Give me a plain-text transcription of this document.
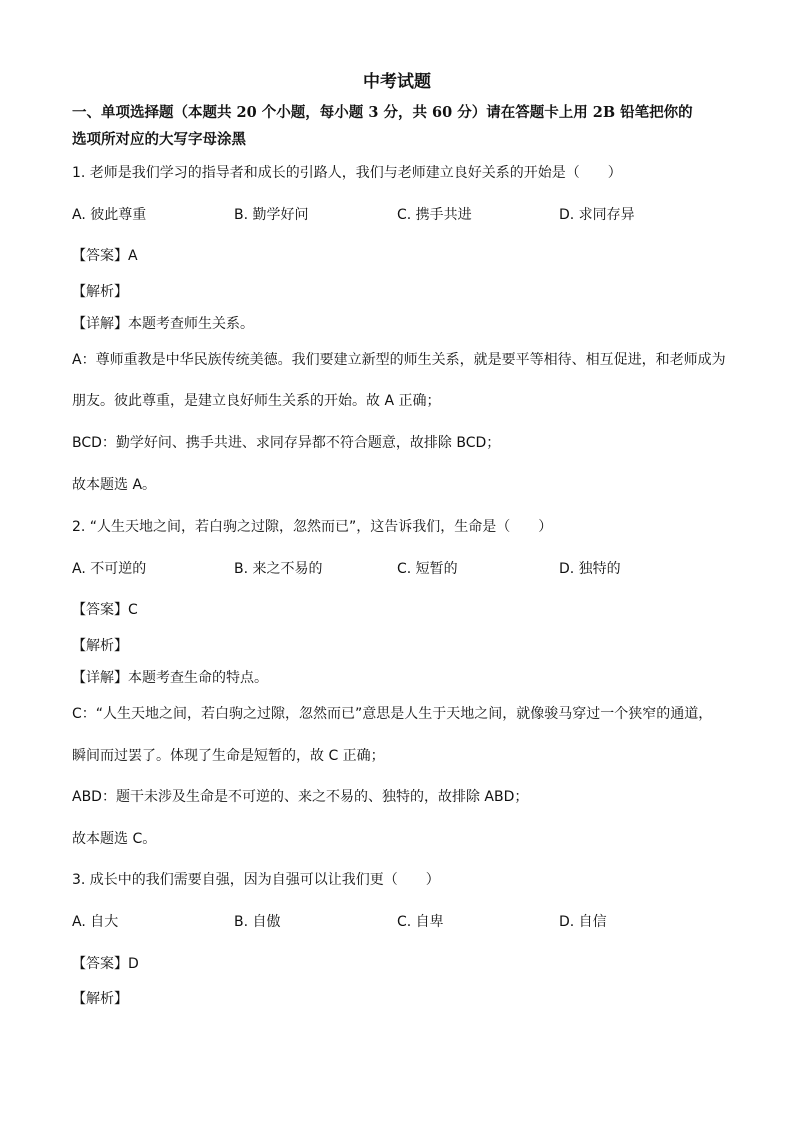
中考试题
一、单项选择题（本题共 20 个小题，每小题 3 分，共 60 分）请在答题卡上用 2B 铅笔把你的
选项所对应的大写字母涂黑
1. 老师是我们学习的指导者和成长的引路人，我们与老师建立良好关系的开始是（　　）
A. 彼此尊重	B. 勤学好问	C. 携手共进	D. 求同存异
【答案】A
【解析】
【详解】本题考查师生关系。
A：尊师重教是中华民族传统美德。我们要建立新型的师生关系，就是要平等相待、相互促进，和老师成为
朋友。彼此尊重，是建立良好师生关系的开始。故 A 正确；
BCD：勤学好问、携手共进、求同存异都不符合题意，故排除 BCD；
故本题选 A。
2. “人生天地之间，若白驹之过隙，忽然而已”，这告诉我们，生命是（　　）
A. 不可逆的	B. 来之不易的	C. 短暂的	D. 独特的
【答案】C
【解析】
【详解】本题考查生命的特点。
C：“人生天地之间，若白驹之过隙，忽然而已”意思是人生于天地之间，就像骏马穿过一个狭窄的通道，
瞬间而过罢了。体现了生命是短暂的，故 C 正确；
ABD：题干未涉及生命是不可逆的、来之不易的、独特的，故排除 ABD；
故本题选 C。
3. 成长中的我们需要自强，因为自强可以让我们更（　　）
A. 自大	B. 自傲	C. 自卑	D. 自信
【答案】D
【解析】
